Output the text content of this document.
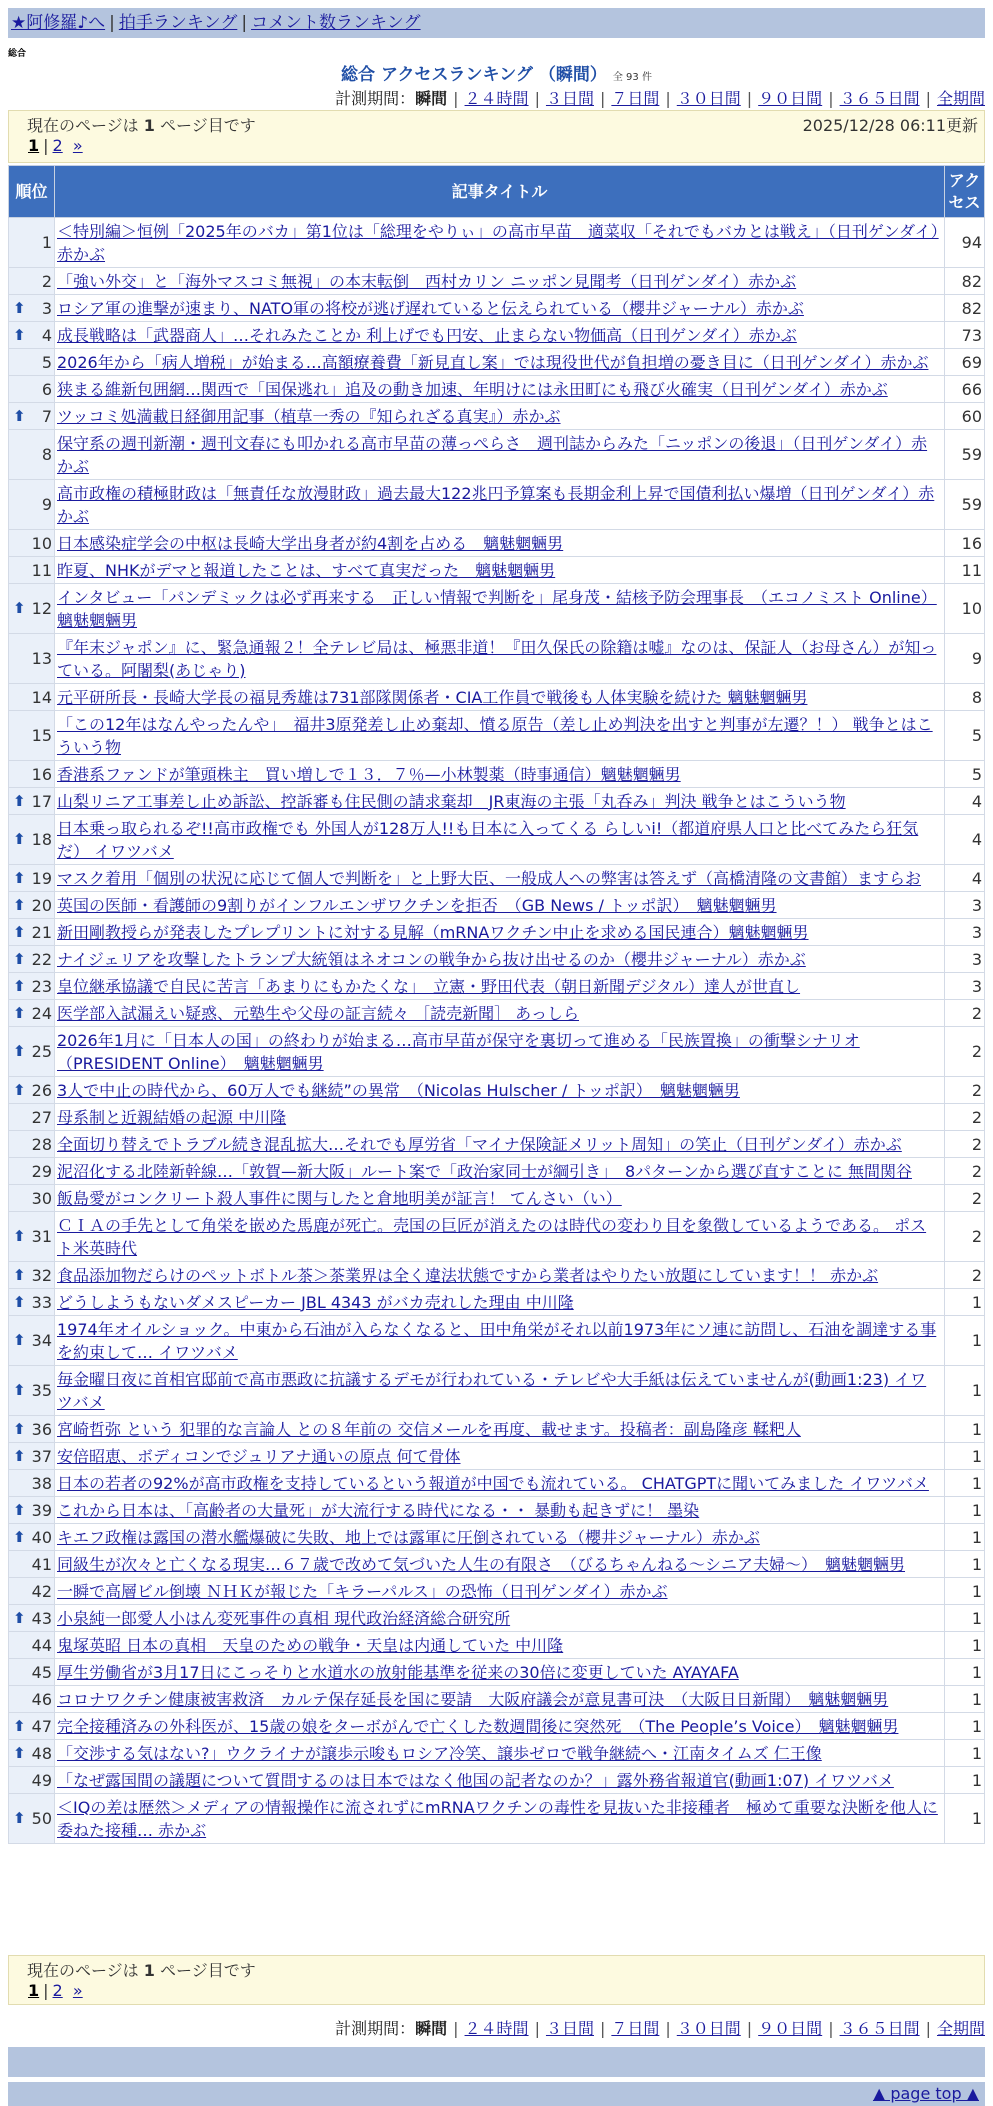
★阿修羅♪へ | 拍手ランキング | コメント数ランキング
総合
総合 アクセスランキング （瞬間） 全 93 件
計測期間：瞬間 | ２４時間 | ３日間 | ７日間 | ３０日間 | ９０日間 | ３６５日間 | 全期間
現在のページは 1 ページ目です	2025/12/28 06:11更新
1 | 2 »
順位	記事タイトル	アクセス
1	＜特別編＞恒例「2025年のバカ」第1位は「総理をやりぃ」の高市早苗　適菜収「それでもバカとは戦え」（日刊ゲンダイ）赤かぶ	94
2	「強い外交」と「海外マスコミ無視」の本末転倒　西村カリン ニッポン見聞考（日刊ゲンダイ）赤かぶ	82

⬆ 3	ロシア軍の進撃が速まり、NATO軍の将校が逃げ遅れていると伝えられている（櫻井ジャーナル）赤かぶ	82

⬆ 4	成長戦略は「武器商人」…それみたことか 利上げでも円安、止まらない物価高（日刊ゲンダイ）赤かぶ	73
5	2026年から「病人増税」が始まる…高額療養費「新見直し案」では現役世代が負担増の憂き目に（日刊ゲンダイ）赤かぶ	69
6	狭まる維新包囲網…関西で「国保逃れ」追及の動き加速、年明けには永田町にも飛び火確実（日刊ゲンダイ）赤かぶ	66

⬆ 7	ツッコミ処満載日経御用記事（植草一秀の『知られざる真実』）赤かぶ	60
8	保守系の週刊新潮・週刊文春にも叩かれる高市早苗の薄っぺらさ　週刊誌からみた「ニッポンの後退」（日刊ゲンダイ）赤かぶ	59
9	高市政権の積極財政は「無責任な放漫財政」過去最大122兆円予算案も長期金利上昇で国債利払い爆増（日刊ゲンダイ）赤かぶ	59
10	日本感染症学会の中枢は長崎大学出身者が約4割を占める　魑魅魍魎男	16
11	昨夏、NHKがデマと報道したことは、すべて真実だった　魑魅魍魎男	11

⬆ 12	インタビュー「パンデミックは必ず再来する　正しい情報で判断を」尾身茂・結核予防会理事長　（エコノミスト Online）魑魅魍魎男	10
13	『年末ジャポン』に、緊急通報２！全テレビ局は、極悪非道！『田久保氏の除籍は嘘』なのは、保証人（お母さん）が知っている。阿闍梨(あじゃり)	9
14	元平研所長・長崎大学長の福見秀雄は731部隊関係者・CIA工作員で戦後も人体実験を続けた 魑魅魍魎男	8
15	「この12年はなんやったんや」　福井3原発差し止め棄却、憤る原告（差し止め判決を出すと判事が左遷？！） 戦争とはこういう物	5
16	香港系ファンドが筆頭株主　買い増しで１３．７％—小林製薬（時事通信）魑魅魍魎男	5

⬆ 17	山梨リニア工事差し止め訴訟、控訴審も住民側の請求棄却　JR東海の主張「丸呑み」判決 戦争とはこういう物	4

⬆ 18	日本乗っ取られるぞ!!高市政権でも 外国人が128万人!!も日本に入ってくる らしいi!（都道府県人口と比べてみたら狂気だ） イワツバメ	4

⬆ 19	マスク着用「個別の状況に応じて個人で判断を」と上野大臣、一般成人への弊害は答えず（高橋清隆の文書館）ますらお	4

⬆ 20	英国の医師・看護師の9割りがインフルエンザワクチンを拒否　（GB News / トッポ訳）　魑魅魍魎男	3

⬆ 21	新田剛教授らが発表したプレプリントに対する見解（mRNAワクチン中止を求める国民連合）魑魅魍魎男	3

⬆ 22	ナイジェリアを攻撃したトランプ大統領はネオコンの戦争から抜け出せるのか（櫻井ジャーナル）赤かぶ	3

⬆ 23	皇位継承協議で自民に苦言「あまりにもかたくな」　立憲・野田代表（朝日新聞デジタル）達人が世直し	3

⬆ 24	医学部入試漏えい疑惑、元塾生や父母の証言続々 ［読売新聞］ あっしら	2

⬆ 25	2026年1月に「日本人の国」の終わりが始まる…高市早苗が保守を裏切って進める「民族置換」の衝撃シナリオ （PRESIDENT Online）　魑魅魍魎男	2

⬆ 26	3人で中止の時代から、60万人でも継続”の異常　（Nicolas Hulscher / トッポ訳）　魑魅魍魎男	2
27	母系制と近親結婚の起源 中川隆	2
28	全面切り替えでトラブル続き混乱拡大…それでも厚労省「マイナ保険証メリット周知」の笑止（日刊ゲンダイ）赤かぶ	2
29	泥沼化する北陸新幹線…「敦賀—新大阪」ルート案で「政治家同士が綱引き」　8パターンから選び直すことに 無間関谷	2
30	飯島愛がコンクリート殺人事件に関与したと倉地明美が証言！ てんさい（い）	2

⬆ 31	ＣＩＡの手先として角栄を嵌めた馬鹿が死亡。売国の巨匠が消えたのは時代の変わり目を象徴しているようである。 ポスト米英時代	2

⬆ 32	食品添加物だらけのペットボトル茶＞茶業界は全く違法状態ですから業者はやりたい放題にしています！！ 赤かぶ	2

⬆ 33	どうしようもないダメスピーカー JBL 4343 がバカ売れした理由 中川隆	1

⬆ 34	1974年オイルショック。中東から石油が入らなくなると、田中角栄がそれ以前1973年にソ連に訪問し、石油を調達する事を約束して… イワツバメ	1

⬆ 35	毎金曜日夜に首相官邸前で高市悪政に抗議するデモが行われている・テレビや大手紙は伝えていませんが(動画1:23) イワツバメ	1

⬆ 36	宮崎哲弥 という 犯罪的な言論人 との８年前の 交信メールを再度、載せます。投稿者：副島隆彦 鞣粑人	1

⬆ 37	安倍昭恵、ボディコンでジュリアナ通いの原点 何て骨体	1
38	日本の若者の92%が高市政権を支持しているという報道が中国でも流れている。 CHATGPTに聞いてみました イワツバメ	1

⬆ 39	これから日本は、「高齢者の大量死」が大流行する時代になる・・ 暴動も起きずに！ 墨染	1

⬆ 40	キエフ政権は露国の潜水艦爆破に失敗、地上では露軍に圧倒されている（櫻井ジャーナル）赤かぶ	1
41	同級生が次々と亡くなる現実…６７歳で改めて気づいた人生の有限さ　（びるちゃんねる〜シニア夫婦〜）　魑魅魍魎男	1
42	一瞬で高層ビル倒壊 ＮＨＫが報じた「キラーパルス」の恐怖（日刊ゲンダイ）赤かぶ	1

⬆ 43	小泉純一郎愛人小はん変死事件の真相 現代政治経済総合研究所	1
44	鬼塚英昭 日本の真相　天皇のための戦争・天皇は内通していた 中川隆	1
45	厚生労働省が3月17日にこっそりと水道水の放射能基準を従来の30倍に変更していた AYAYAFA	1
46	コロナワクチン健康被害救済　カルテ保存延長を国に要請　大阪府議会が意見書可決　（大阪日日新聞）　魑魅魍魎男	1

⬆ 47	完全接種済みの外科医が、15歳の娘をターボがんで亡くした数週間後に突然死　（The People’s Voice）　魑魅魍魎男	1

⬆ 48	「交渉する気はない?」ウクライナが譲歩示唆もロシア冷笑、譲歩ゼロで戦争継続へ・江南タイムズ 仁王像	1
49	「なぜ露国間の議題について質問するのは日本ではなく他国の記者なのか？」露外務省報道官(動画1:07) イワツバメ	1

⬆ 50	＜IQの差は歴然＞メディアの情報操作に流されずにmRNAワクチンの毒性を見抜いた非接種者　極めて重要な決断を他人に委ねた接種… 赤かぶ	1
現在のページは 1 ページ目です
1 | 2 »
計測期間：瞬間 | ２４時間 | ３日間 | ７日間 | ３０日間 | ９０日間 | ３６５日間 | 全期間
▲ page top ▲
